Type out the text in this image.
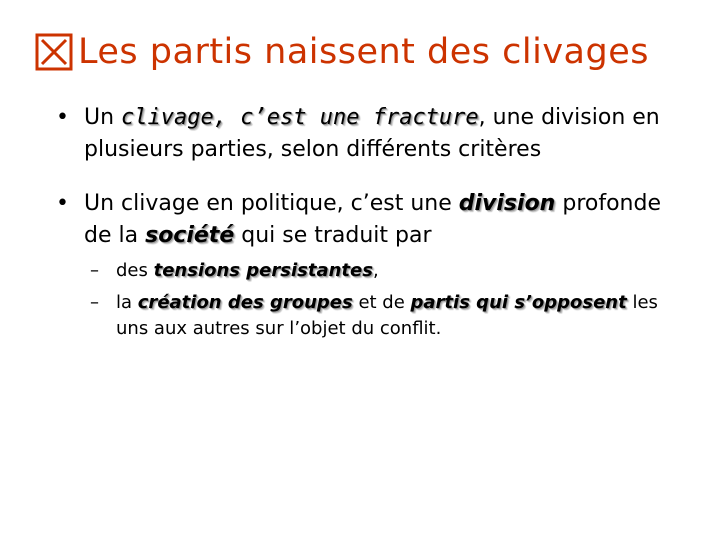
Les partis naissent des clivages
• Un clivage, c’est une fracture, une division en plusieurs parties, selon différents critères
• Un clivage en politique, c’est une division profonde de la société qui se traduit par
– des tensions persistantes,
– la création des groupes et de partis qui s’opposent les uns aux autres sur l’objet du conflit.
